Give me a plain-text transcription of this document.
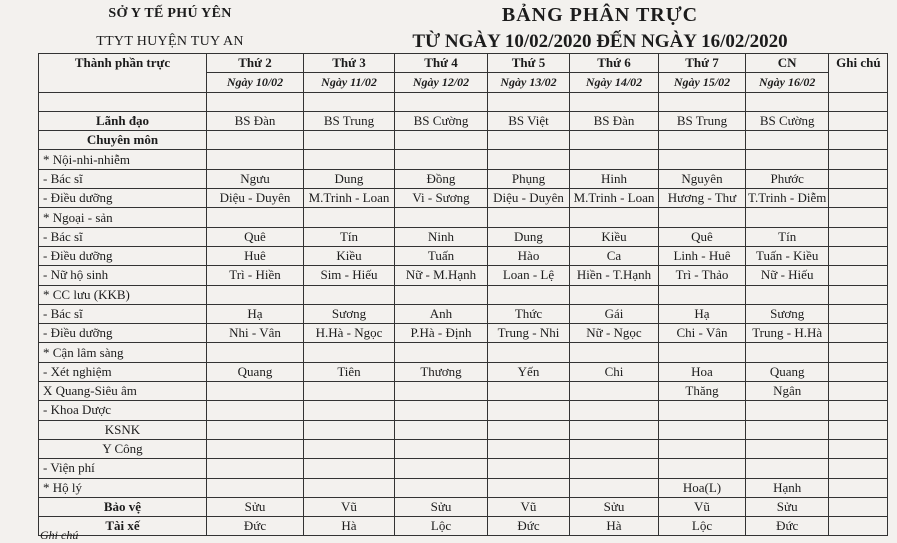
SỞ Y TẾ PHÚ YÊN
TTYT HUYỆN TUY AN
BẢNG PHÂN TRỰC
TỪ NGÀY 10/02/2020 ĐẾN NGÀY 16/02/2020
Thành phần trực	Thứ 2	Thứ 3	Thứ 4	Thứ 5	Thứ 6	Thứ 7	CN	Ghi chú
	Ngày 10/02	Ngày 11/02	Ngày 12/02	Ngày 13/02	Ngày 14/02	Ngày 15/02	Ngày 16/02	

Lãnh đạo	BS Đàn	BS Trung	BS Cường	BS Việt	BS Đàn	BS Trung	BS Cường	
Chuyên môn								
* Nội-nhi-nhiễm								
- Bác sĩ	Ngưu	Dung	Đồng	Phụng	Hinh	Nguyên	Phước	
- Điều dưỡng	Diệu - Duyên	M.Trinh - Loan	Vi - Sương	Diệu - Duyên	M.Trinh - Loan	Hương - Thư	T.Trinh - Diễm	
* Ngoại - sản								
- Bác sĩ	Quê	Tín	Ninh	Dung	Kiều	Quê	Tín	
- Điều dưỡng	Huê	Kiều	Tuấn	Hào	Ca	Linh - Huê	Tuấn - Kiều	
- Nữ hộ sinh	Trì - Hiền	Sim - Hiếu	Nữ - M.Hạnh	Loan - Lệ	Hiền - T.Hạnh	Trì - Thảo	Nữ - Hiếu	
* CC lưu (KKB)								
- Bác sĩ	Hạ	Sương	Anh	Thức	Gái	Hạ	Sương	
- Điều dưỡng	Nhi - Vân	H.Hà - Ngọc	P.Hà - Định	Trung - Nhi	Nữ - Ngọc	Chi - Vân	Trung - H.Hà	
* Cận lâm sàng								
- Xét nghiệm	Quang	Tiên	Thương	Yến	Chi	Hoa	Quang	
X Quang-Siêu âm						Thăng	Ngân	
- Khoa Dược								
KSNK								
Y Công								
- Viện phí								
* Hộ lý						Hoa(L)	Hạnh	
Bảo vệ	Sửu	Vũ	Sửu	Vũ	Sửu	Vũ	Sửu	
Tài xế	Đức	Hà	Lộc	Đức	Hà	Lộc	Đức	
Ghi chú
